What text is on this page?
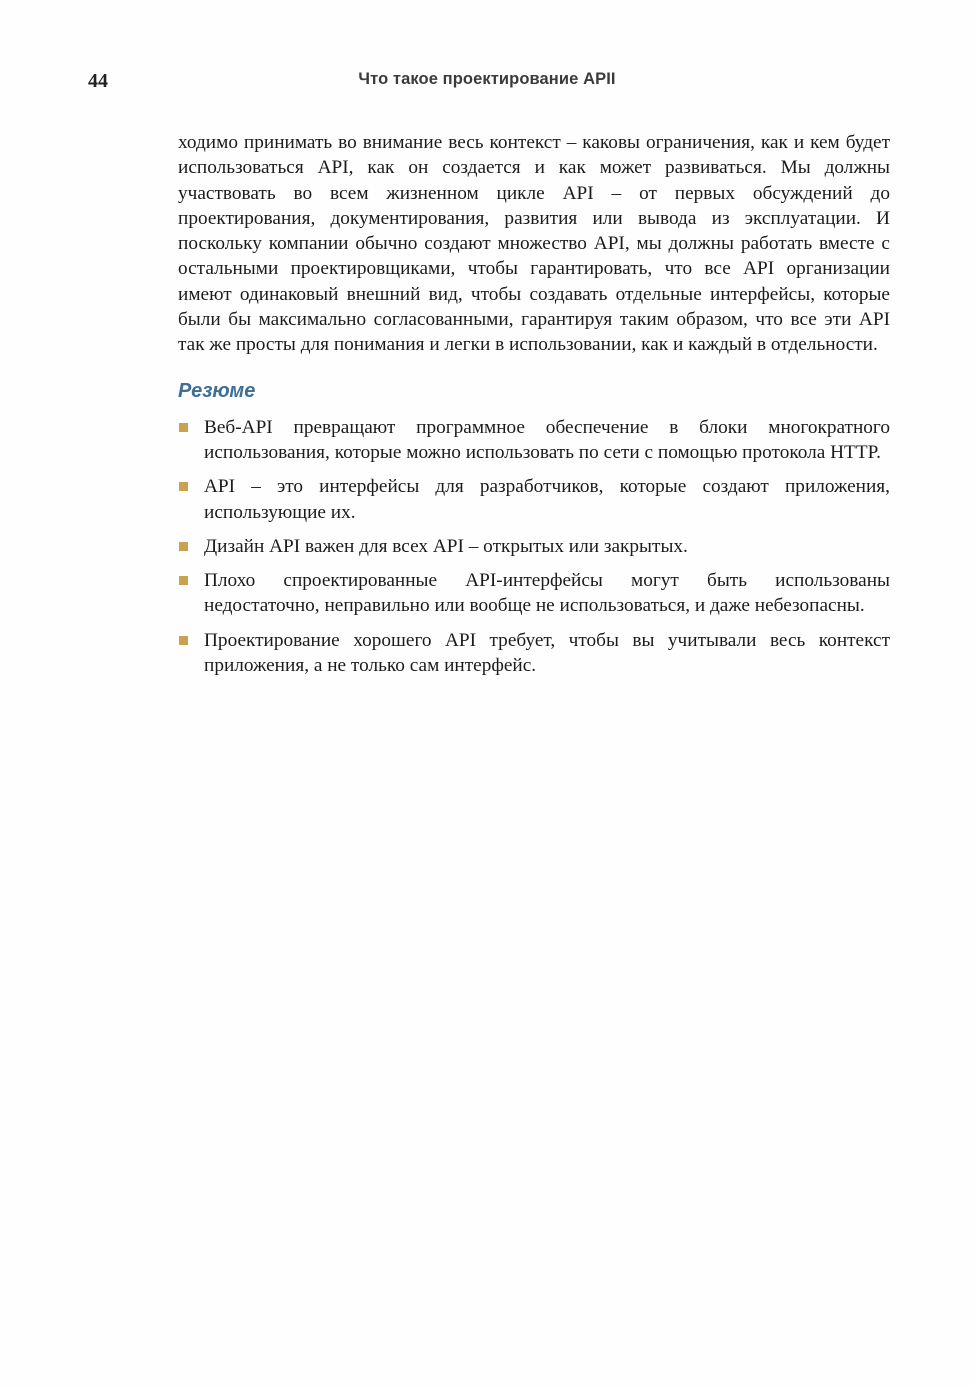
44	Что такое проектирование APII

ходимо принимать во внимание весь контекст – каковы ограничения, как и кем будет использоваться API, как он создается и как может развиваться. Мы должны участвовать во всем жизненном цикле API – от первых обсуждений до проектирования, документирования, развития или вывода из эксплуатации. И поскольку компании обычно создают множество API, мы должны работать вместе с остальными проектировщиками, чтобы гарантировать, что все API организации имеют одинаковый внешний вид, чтобы создавать отдельные интерфейсы, которые были бы максимально согласованными, гарантируя таким образом, что все эти API так же просты для понимания и легки в использовании, как и каждый в отдельности.

Резюме
Веб-API превращают программное обеспечение в блоки многократного использования, которые можно использовать по сети с помощью протокола HTTP.
API – это интерфейсы для разработчиков, которые создают приложения, использующие их.
Дизайн API важен для всех API – открытых или закрытых.
Плохо спроектированные API-интерфейсы могут быть использованы недостаточно, неправильно или вообще не использоваться, и даже небезопасны.
Проектирование хорошего API требует, чтобы вы учитывали весь контекст приложения, а не только сам интерфейс.
